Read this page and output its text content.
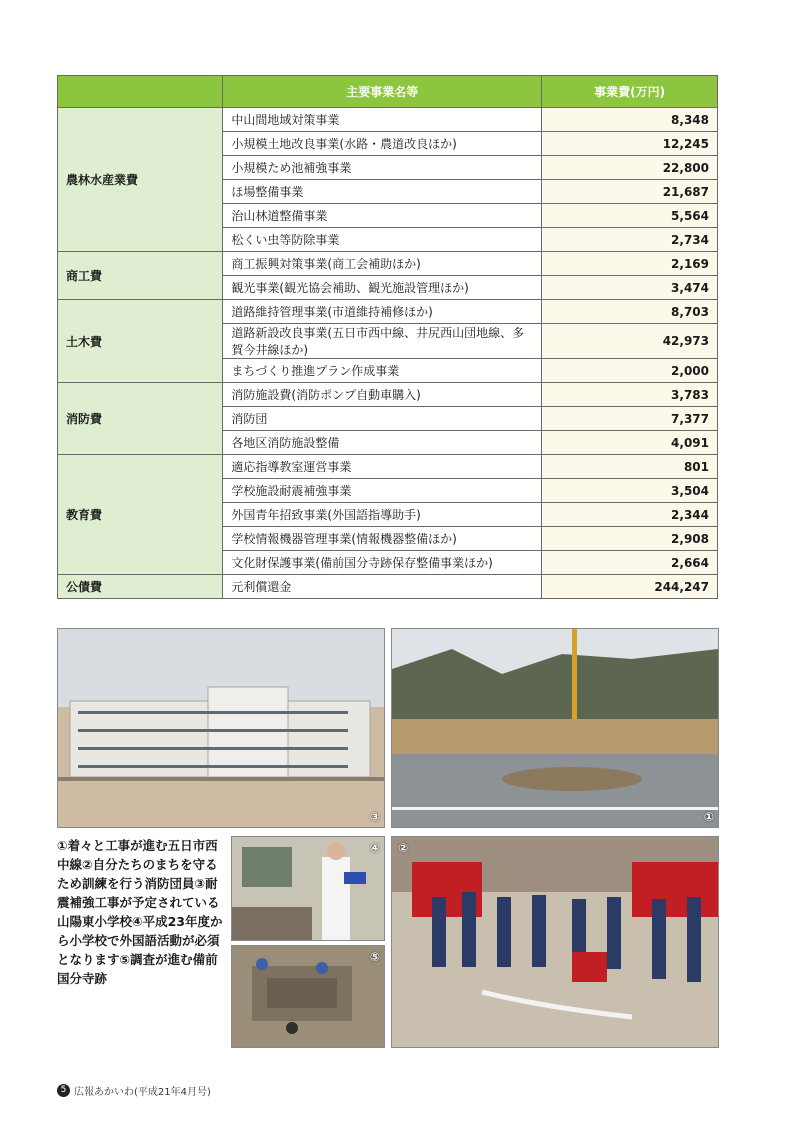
	主要事業名等	事業費(万円)
農林水産業費	中山間地域対策事業	8,348
	小規模土地改良事業(水路・農道改良ほか)	12,245
	小規模ため池補強事業	22,800
	ほ場整備事業	21,687
	治山林道整備事業	5,564
	松くい虫等防除事業	2,734
商工費	商工振興対策事業(商工会補助ほか)	2,169
	観光事業(観光協会補助、観光施設管理ほか)	3,474
土木費	道路維持管理事業(市道維持補修ほか)	8,703
	道路新設改良事業(五日市西中線、井尻西山団地線、多賀今井線ほか)	42,973
	まちづくり推進プラン作成事業	2,000
消防費	消防施設費(消防ポンプ自動車購入)	3,783
	消防団	7,377
	各地区消防施設整備	4,091
教育費	適応指導教室運営事業	801
	学校施設耐震補強事業	3,504
	外国青年招致事業(外国語指導助手)	2,344
	学校情報機器管理事業(情報機器整備ほか)	2,908
	文化財保護事業(備前国分寺跡保存整備事業ほか)	2,664
公債費	元利償還金	244,247
③	①
④
⑤
②
①着々と工事が進む五日市西中線②自分たちのまちを守るため訓練を行う消防団員③耐震補強工事が予定されている山陽東小学校④平成23年度から小学校で外国語活動が必須となります⑤調査が進む備前国分寺跡
5 広報あかいわ(平成21年4月号)
